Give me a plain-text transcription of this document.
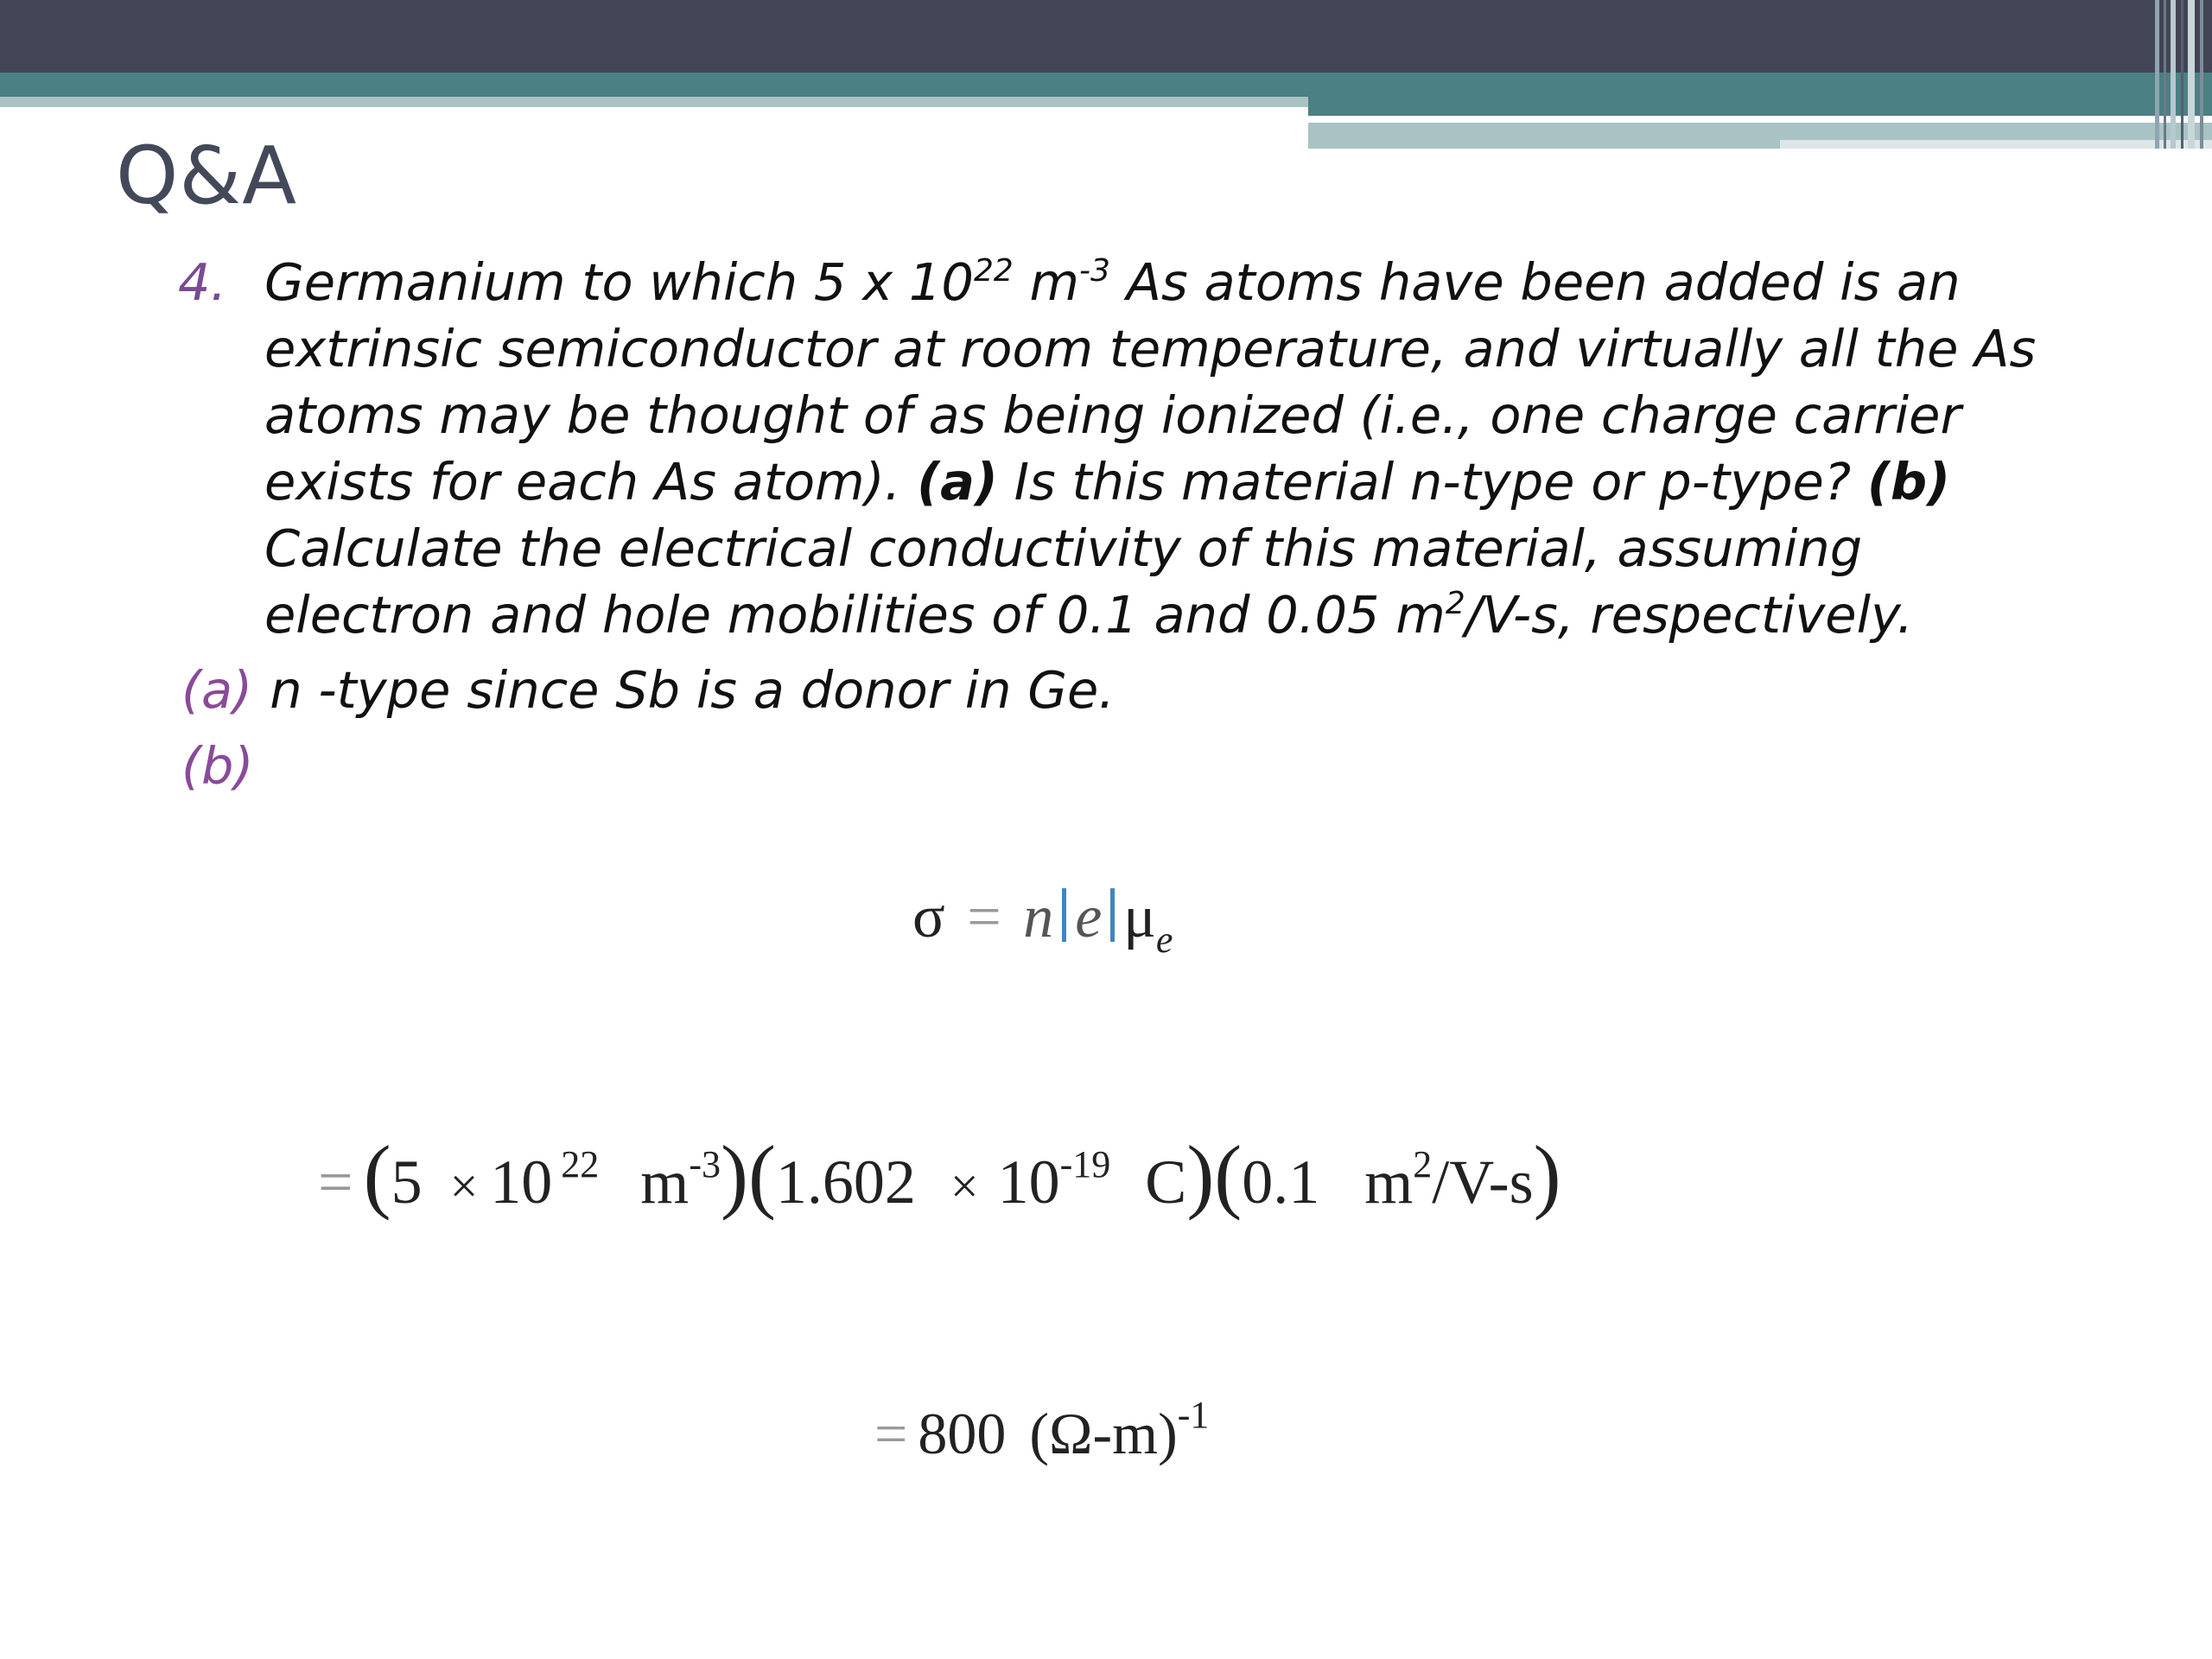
Q&A
4. Germanium to which 5 x $10^{22}$ $m^{-3}$ As atoms have been added is an
extrinsic semiconductor at room temperature, and virtually all the As
atoms may be thought of as being ionized (i.e., one charge carrier
exists for each As atom). (a) Is this material n-type or p-type? (b)
Calculate the electrical conductivity of this material, assuming
electron and hole mobilities of 0.1 and 0.05 $m^2/V-s$, respectively.
(a) n -type since Sb is a donor in Ge.
(b)
σ = n e $\mu_e$
= (5 × 10 $^{22}$ $m^{-3})(1.602 \times 10^{-19}$ C)(0.1 $m^2/V-s$)
= 800 $(\Omega-m)^{-1}$
